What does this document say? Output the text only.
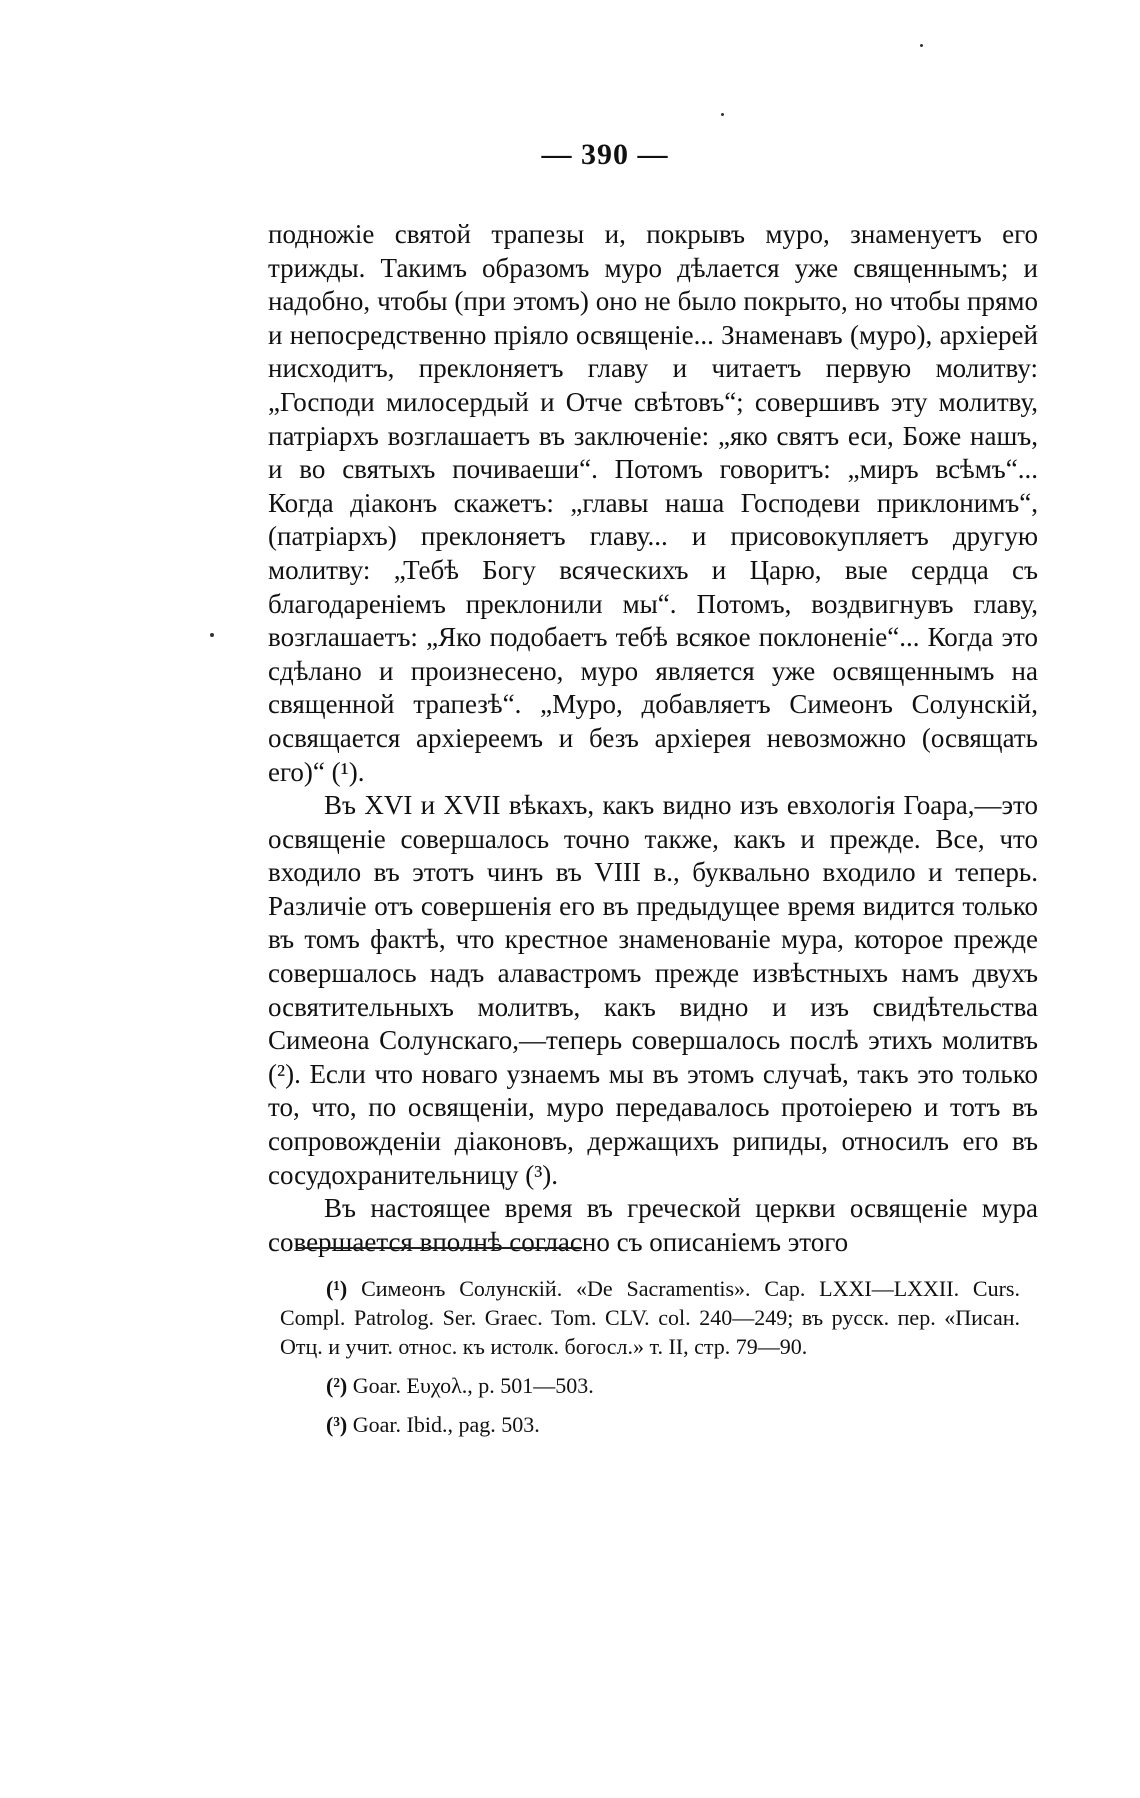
— 390 —

подножіе святой трапезы и, покрывъ муро, знаменуетъ его трижды. Такимъ образомъ муро дѣлается уже священнымъ; и надобно, чтобы (при этомъ) оно не было покрыто, но чтобы прямо и непосредственно пріяло освященіе... Знаменавъ (муро), архіерей нисходитъ, преклоняетъ главу и читаетъ первую молитву: „Господи милосердый и Отче свѣтовъ“; совершивъ эту молитву, патріархъ возглашаетъ въ заключеніе: „яко святъ еси, Боже нашъ, и во святыхъ почиваеши“. Потомъ говоритъ: „миръ всѣмъ“... Когда діаконъ скажетъ: „главы наша Господеви приклонимъ“, (патріархъ) преклоняетъ главу... и присовокупляетъ другую молитву: „Тебѣ Богу всяческихъ и Царю, вые сердца съ благодареніемъ преклонили мы“. Потомъ, воздвигнувъ главу, возглашаетъ: „Яко подобаетъ тебѣ всякое поклоненіе“... Когда это сдѣлано и произнесено, муро является уже освященнымъ на священной трапезѣ“. „Муро, добавляетъ Симеонъ Солунскій, освящается архіереемъ и безъ архіерея невозможно (освящать его)“ (¹).

Въ XVI и XVII вѣкахъ, какъ видно изъ евхологія Гоара,—это освященіе совершалось точно также, какъ и прежде. Все, что входило въ этотъ чинъ въ VIII в., буквально входило и теперь. Различіе отъ совершенія его въ предыдущее время видится только въ томъ фактѣ, что крестное знаменованіе мура, которое прежде совершалось надъ алавастромъ прежде извѣстныхъ намъ двухъ освятительныхъ молитвъ, какъ видно и изъ свидѣтельства Симеона Солунскаго,—теперь совершалось послѣ этихъ молитвъ (²). Если что новаго узнаемъ мы въ этомъ случаѣ, такъ это только то, что, по освященіи, муро передавалось протоіерею и тотъ въ сопровожденіи діаконовъ, держащихъ рипиды, относилъ его въ сосудохранительницу (³).

Въ настоящее время въ греческой церкви освященіе мура совершается вполнѣ согласно съ описаніемъ этого

(¹) Симеонъ Солунскій. «De Sacramentis». Cap. LXXI—LXXII. Curs. Compl. Patrolog. Ser. Graec. Tom. CLV. col. 240—249; въ русск. пер. «Писан. Отц. и учит. относ. къ истолк. богосл.» т. II, стр. 79—90.

(²) Goar. Ευχολ., p. 501—503.

(³) Goar. Ibid., pag. 503.
